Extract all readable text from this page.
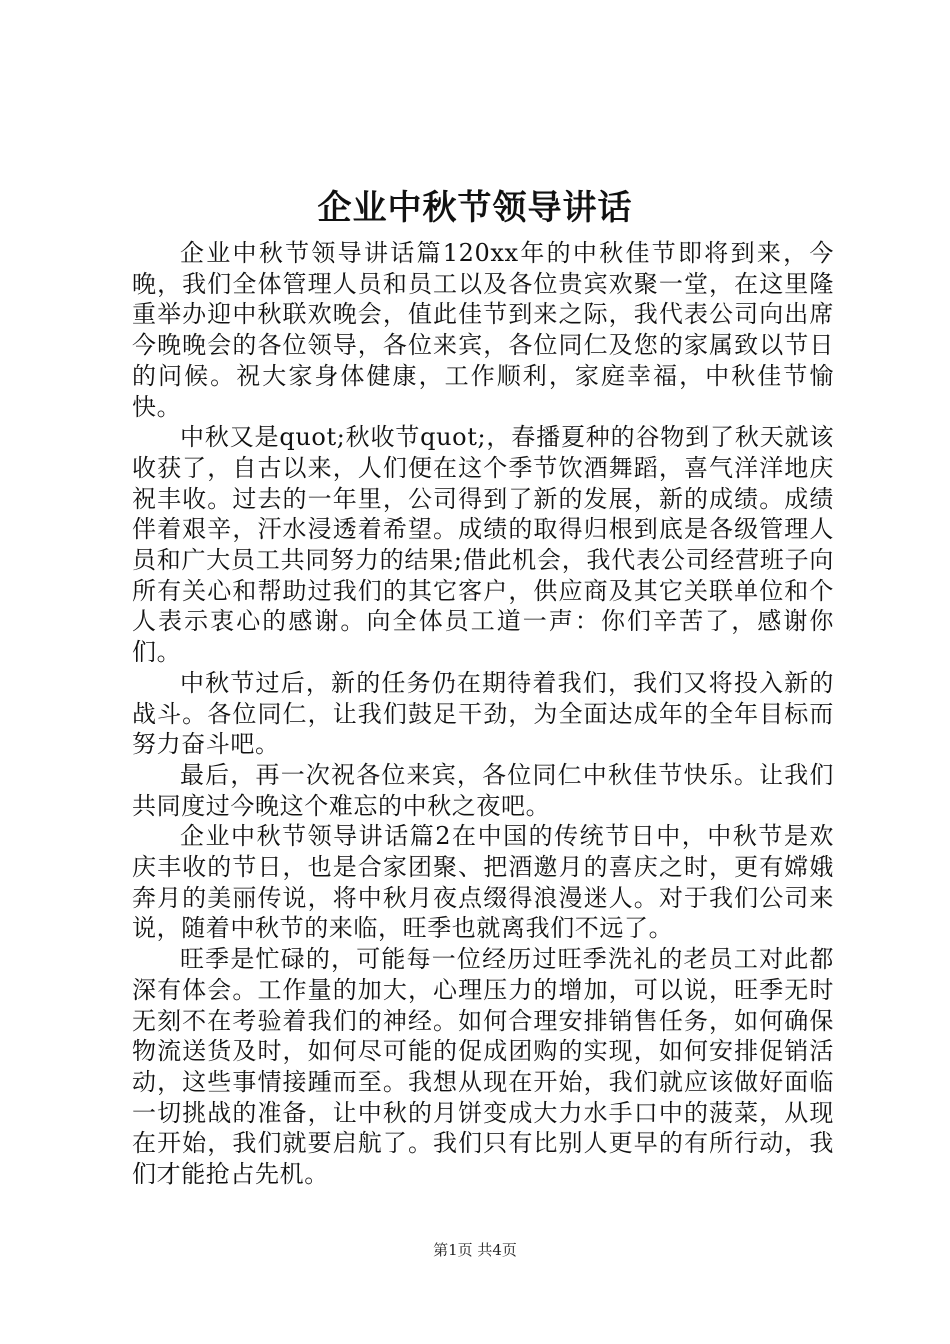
企业中秋节领导讲话

企业中秋节领导讲话篇120xx年的中秋佳节即将到来，今晚，我们全体管理人员和员工以及各位贵宾欢聚一堂，在这里隆重举办迎中秋联欢晚会，值此佳节到来之际，我代表公司向出席今晚晚会的各位领导，各位来宾，各位同仁及您的家属致以节日的问候。祝大家身体健康，工作顺利，家庭幸福，中秋佳节愉快。

中秋又是quot;秋收节quot;，春播夏种的谷物到了秋天就该收获了，自古以来，人们便在这个季节饮酒舞蹈，喜气洋洋地庆祝丰收。过去的一年里，公司得到了新的发展，新的成绩。成绩伴着艰辛，汗水浸透着希望。成绩的取得归根到底是各级管理人员和广大员工共同努力的结果;借此机会，我代表公司经营班子向所有关心和帮助过我们的其它客户，供应商及其它关联单位和个人表示衷心的感谢。向全体员工道一声：你们辛苦了，感谢你们。

中秋节过后，新的任务仍在期待着我们，我们又将投入新的战斗。各位同仁，让我们鼓足干劲，为全面达成年的全年目标而努力奋斗吧。

最后，再一次祝各位来宾，各位同仁中秋佳节快乐。让我们共同度过今晚这个难忘的中秋之夜吧。

企业中秋节领导讲话篇2在中国的传统节日中，中秋节是欢庆丰收的节日，也是合家团聚、把酒邀月的喜庆之时，更有嫦娥奔月的美丽传说，将中秋月夜点缀得浪漫迷人。对于我们公司来说，随着中秋节的来临，旺季也就离我们不远了。

旺季是忙碌的，可能每一位经历过旺季洗礼的老员工对此都深有体会。工作量的加大，心理压力的增加，可以说，旺季无时无刻不在考验着我们的神经。如何合理安排销售任务，如何确保物流送货及时，如何尽可能的促成团购的实现，如何安排促销活动，这些事情接踵而至。我想从现在开始，我们就应该做好面临一切挑战的准备，让中秋的月饼变成大力水手口中的菠菜，从现在开始，我们就要启航了。我们只有比别人更早的有所行动，我们才能抢占先机。

第1页 共4页
